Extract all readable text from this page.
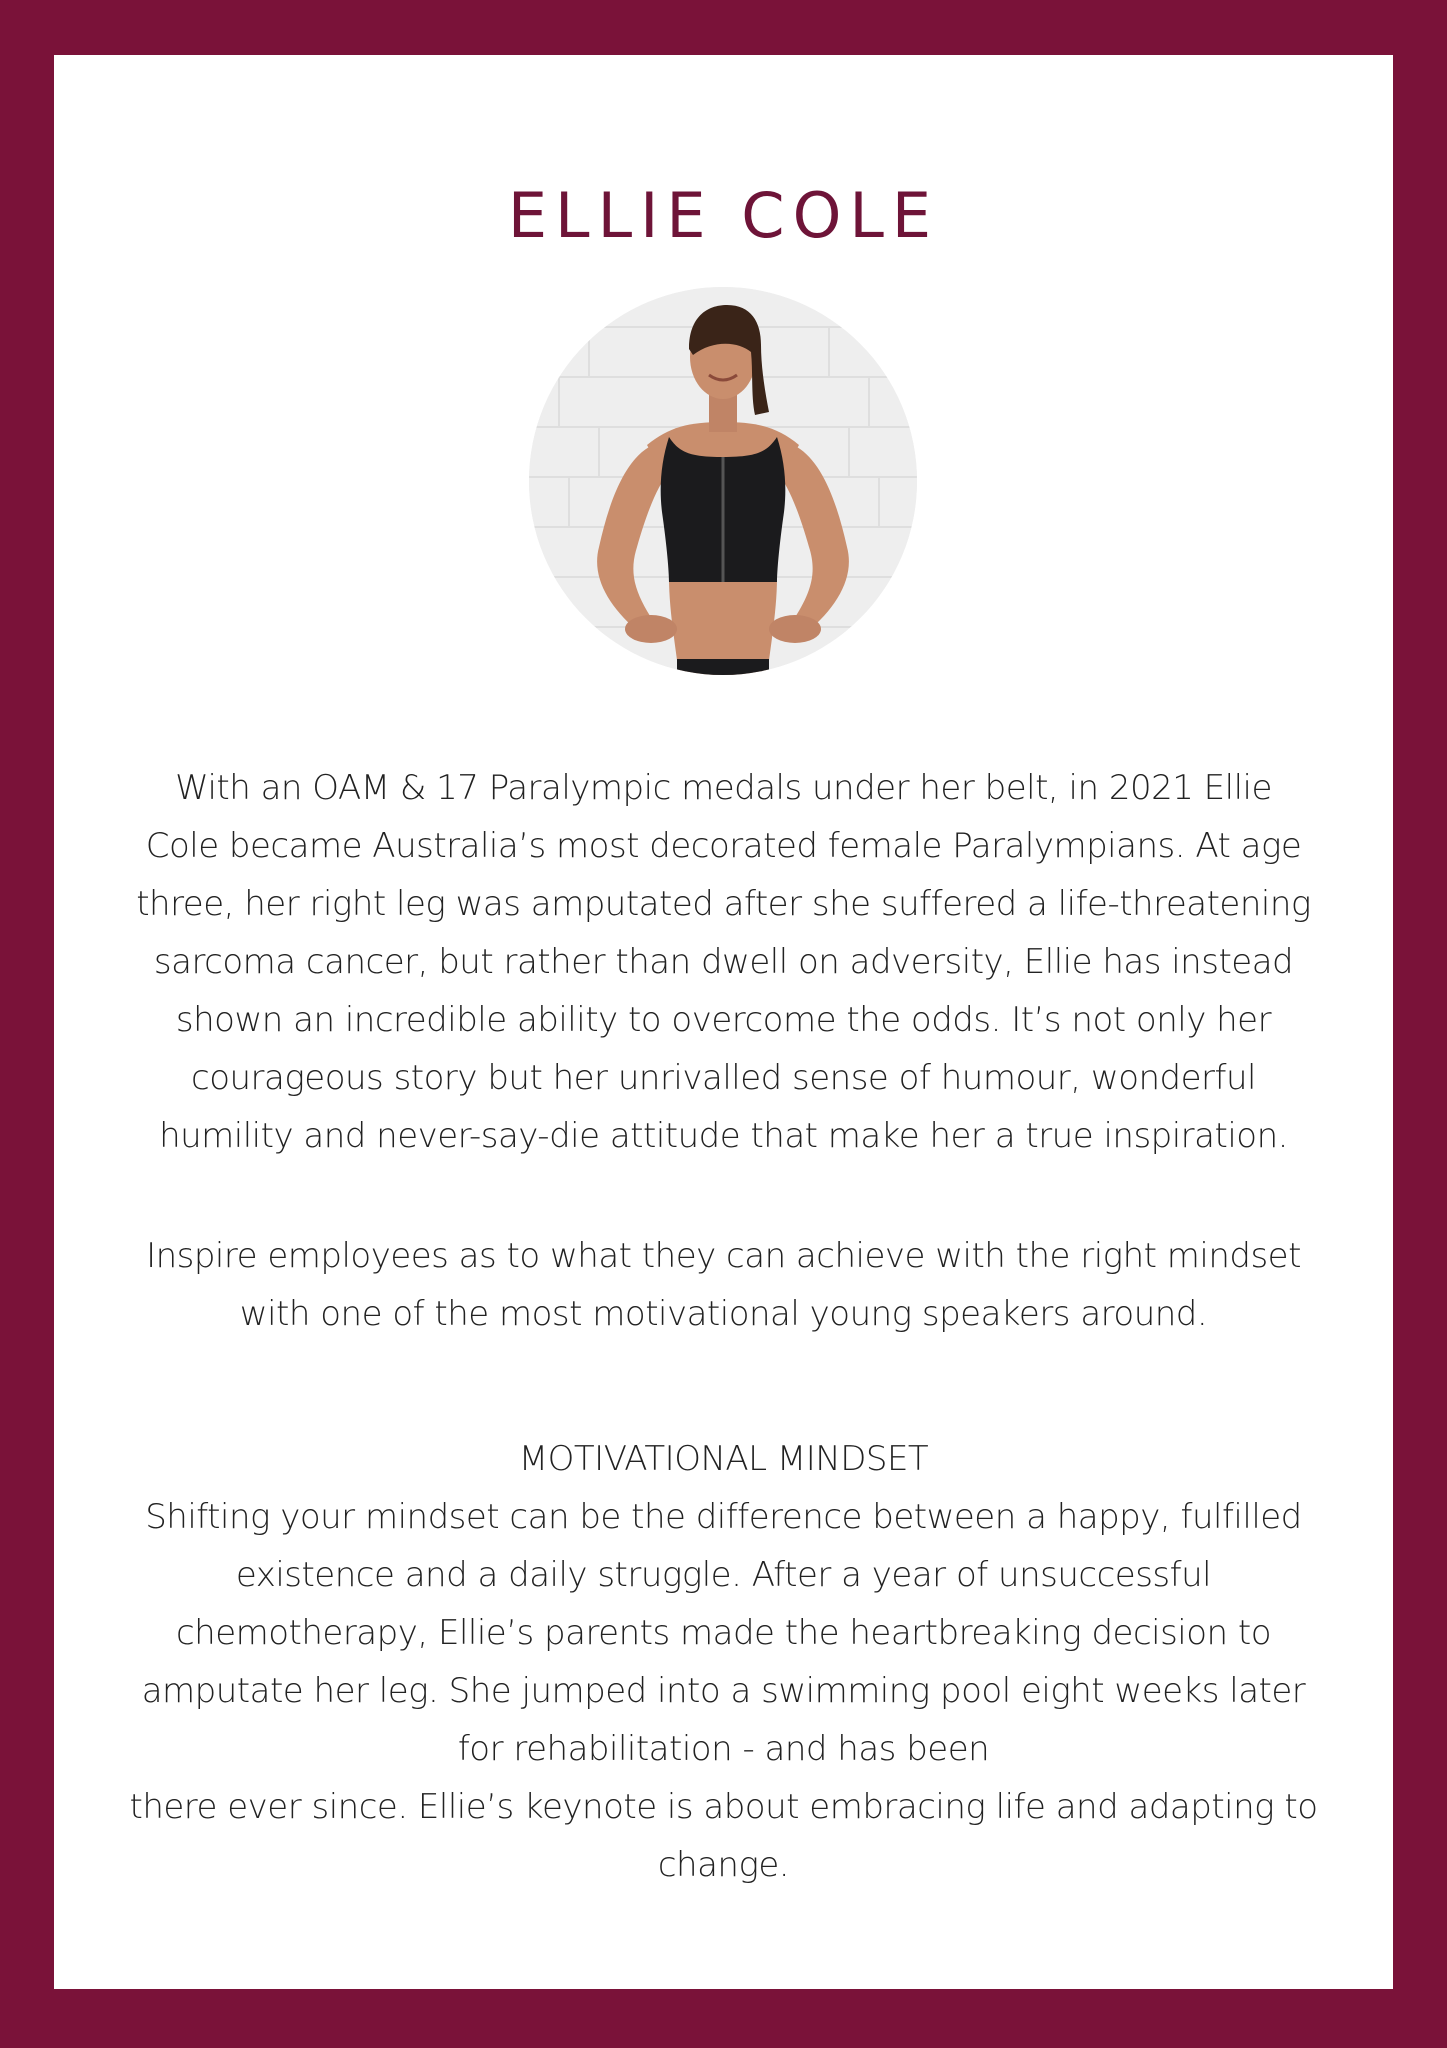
ELLIE COLE
With an OAM & 17 Paralympic medals under her belt, in 2021 Ellie
Cole became Australia’s most decorated female Paralympians. At age
three, her right leg was amputated after she suffered a life-threatening
sarcoma cancer, but rather than dwell on adversity, Ellie has instead
shown an incredible ability to overcome the odds. It’s not only her
courageous story but her unrivalled sense of humour, wonderful
humility and never-say-die attitude that make her a true inspiration.
Inspire employees as to what they can achieve with the right mindset
with one of the most motivational young speakers around.
MOTIVATIONAL MINDSET
Shifting your mindset can be the difference between a happy, fulfilled
existence and a daily struggle. After a year of unsuccessful
chemotherapy, Ellie’s parents made the heartbreaking decision to
amputate her leg. She jumped into a swimming pool eight weeks later
for rehabilitation - and has been
there ever since. Ellie’s keynote is about embracing life and adapting to
change.
